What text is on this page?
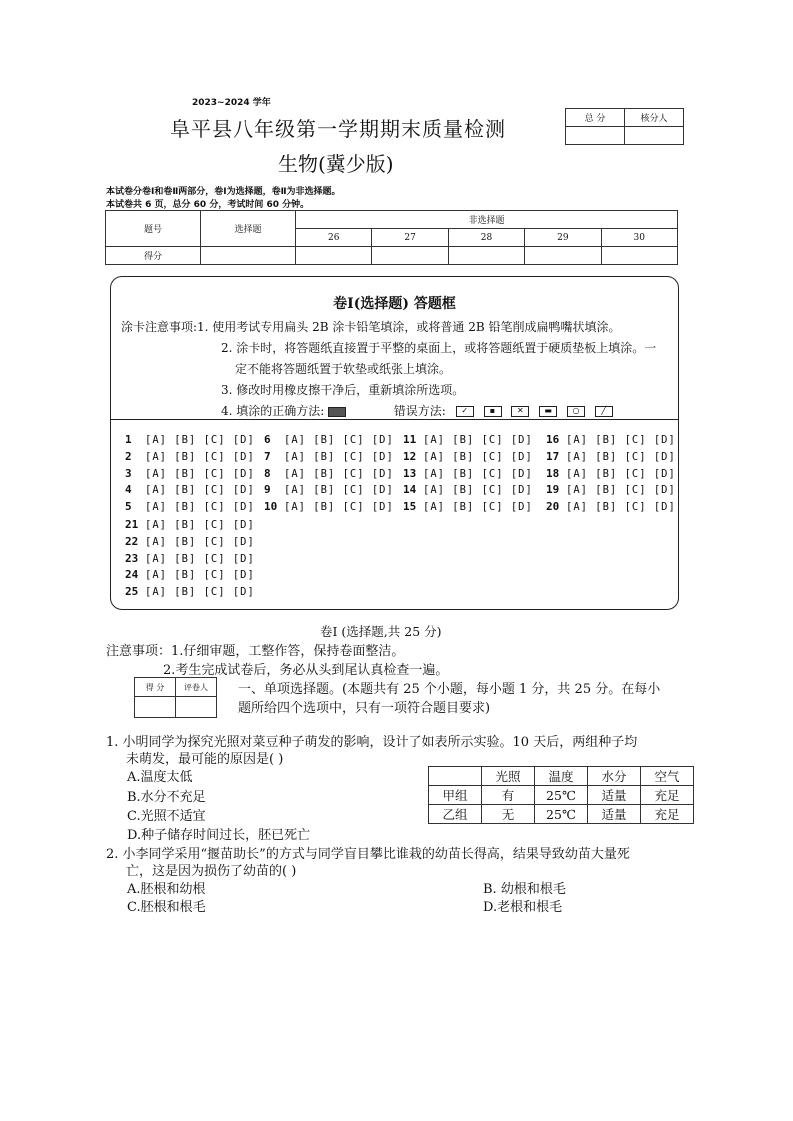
2023~2024 学年
阜平县八年级第一学期期末质量检测
生物(冀少版)
总 分	核分人

本试卷分卷Ⅰ和卷Ⅱ两部分，卷Ⅰ为选择题，卷Ⅱ为非选择题。
本试卷共 6 页，总分 60 分，考试时间 60 分钟。
题号	选择题	非选择题				
		26	27	28	29	30
得分						
卷Ⅰ(选择题) 答题框
涂卡注意事项:1. 使用考试专用扁头 2B 涂卡铅笔填涂，或将普通 2B 铅笔削成扁鸭嘴状填涂。
2. 涂卡时，将答题纸直接置于平整的桌面上，或将答题纸置于硬质垫板上填涂。一
定不能将答题纸置于软垫或纸张上填涂。
3. 修改时用橡皮擦干净后，重新填涂所选项。
4. 填涂的正确方法:	错误方法: ✓	▪	✕	▬	○	╱
1 [A] [B] [C] [D]
2 [A] [B] [C] [D]
3 [A] [B] [C] [D]
4 [A] [B] [C] [D]
5 [A] [B] [C] [D]
6 [A] [B] [C] [D]
7 [A] [B] [C] [D]
8 [A] [B] [C] [D]
9 [A] [B] [C] [D]
10 [A] [B] [C] [D]
11 [A] [B] [C] [D]
12 [A] [B] [C] [D]
13 [A] [B] [C] [D]
14 [A] [B] [C] [D]
15 [A] [B] [C] [D]
16 [A] [B] [C] [D]
17 [A] [B] [C] [D]
18 [A] [B] [C] [D]
19 [A] [B] [C] [D]
20 [A] [B] [C] [D]
21 [A] [B] [C] [D]
22 [A] [B] [C] [D]
23 [A] [B] [C] [D]
24 [A] [B] [C] [D]
25 [A] [B] [C] [D]
卷Ⅰ (选择题,共 25 分)
注意事项：1.仔细审题，工整作答，保持卷面整洁。
2.考生完成试卷后，务必从头到尾认真检查一遍。
得 分	评卷人
	一、单项选择题。(本题共有 25 个小题，每小题 1 分，共 25 分。在每小
题所给四个选项中，只有一项符合题目要求)
1. 小明同学为探究光照对菜豆种子萌发的影响，设计了如表所示实验。10 天后，两组种子均
未萌发，最可能的原因是( )
A.温度太低
B.水分不充足
C.光照不适宜
D.种子储存时间过长，胚已死亡
	光照	温度	水分	空气
甲组	有	25℃	适量	充足
乙组	无	25℃	适量	充足
2. 小李同学采用“揠苗助长”的方式与同学盲目攀比谁栽的幼苗长得高，结果导致幼苗大量死
亡，这是因为损伤了幼苗的( )
A.胚根和幼根	B. 幼根和根毛
C.胚根和根毛	D.老根和根毛
